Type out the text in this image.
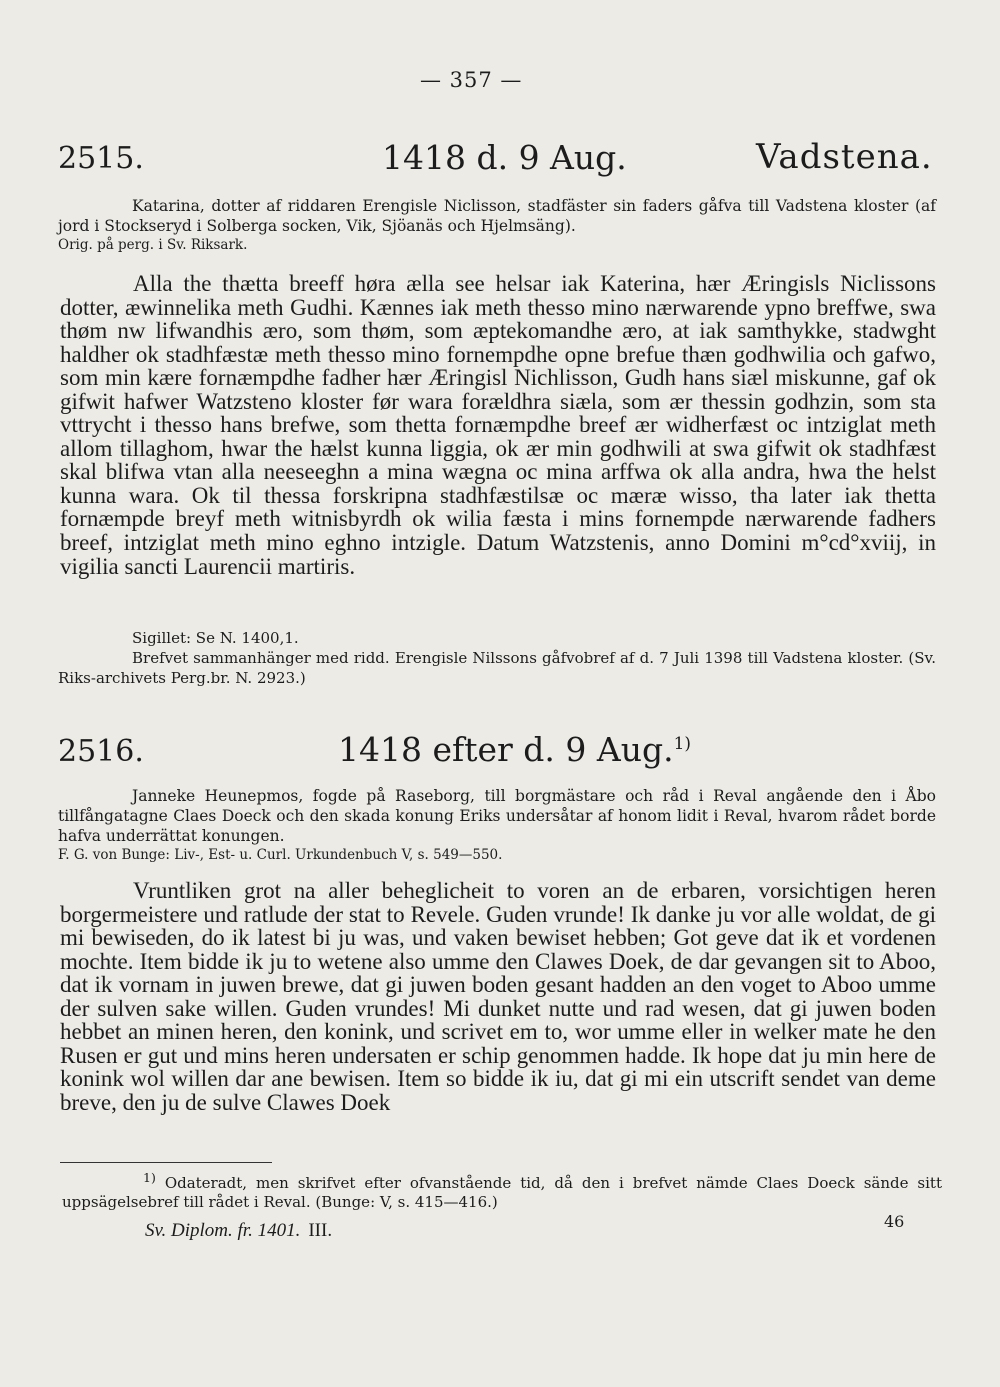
— 357 —
2515.	1418 d. 9 Aug.	Vadstena.
Katarina, dotter af riddaren Erengisle Niclisson, stadfäster sin faders gåfva till Vadstena kloster (af jord i Stockseryd i Solberga socken, Vik, Sjöanäs och Hjelmsäng).
Orig. på perg. i Sv. Riksark.
Alla the thætta breeff høra ælla see helsar iak Katerina, hær Æringisls Niclissons dotter, æwinnelika meth Gudhi. Kænnes iak meth thesso mino nærwarende ypno breffwe, swa thøm nw lifwandhis æro, som thøm, som æptekomandhe æro, at iak samthykke, stadwght haldher ok stadhfæstæ meth thesso mino fornempdhe opne brefue thæn godhwilia och gafwo, som min kære fornæmpdhe fadher hær Æringisl Nichlisson, Gudh hans siæl miskunne, gaf ok gifwit hafwer Watzsteno kloster før wara forældhra siæla, som ær thessin godhzin, som sta vttrycht i thesso hans brefwe, som thetta fornæmpdhe breef ær widherfæst oc intziglat meth allom tillaghom, hwar the hælst kunna liggia, ok ær min godhwili at swa gifwit ok stadhfæst skal blifwa vtan alla neeseeghn a mina wægna oc mina arffwa ok alla andra, hwa the helst kunna wara. Ok til thessa forskripna stadhfæstilsæ oc mæræ wisso, tha later iak thetta fornæmpde breyf meth witnisbyrdh ok wilia fæsta i mins fornempde nærwarende fadhers breef, intziglat meth mino eghno intzigle. Datum Watzstenis, anno Domini m°cd°xviij, in vigilia sancti Laurencii martiris.
Sigillet: Se N. 1400,1.
Brefvet sammanhänger med ridd. Erengisle Nilssons gåfvobref af d. 7 Juli 1398 till Vadstena kloster. (Sv. Riks-archivets Perg.br. N. 2923.)
2516.	1418 efter d. 9 Aug.$^{1)}$
Janneke Heunepmos, fogde på Raseborg, till borgmästare och råd i Reval angående den i Åbo tillfångatagne Claes Doeck och den skada konung Eriks undersåtar af honom lidit i Reval, hvarom rådet borde hafva underrättat konungen.
F. G. von Bunge: Liv-, Est- u. Curl. Urkundenbuch V, s. 549—550.
Vruntliken grot na aller beheglicheit to voren an de erbaren, vorsichtigen heren borgermeistere und ratlude der stat to Revele. Guden vrunde! Ik danke ju vor alle woldat, de gi mi bewiseden, do ik latest bi ju was, und vaken bewiset hebben; Got geve dat ik et vordenen mochte. Item bidde ik ju to wetene also umme den Clawes Doek, de dar gevangen sit to Aboo, dat ik vornam in juwen brewe, dat gi juwen boden gesant hadden an den voget to Aboo umme der sulven sake willen. Guden vrundes! Mi dunket nutte und rad wesen, dat gi juwen boden hebbet an minen heren, den konink, und scrivet em to, wor umme eller in welker mate he den Rusen er gut und mins heren undersaten er schip genommen hadde. Ik hope dat ju min here de konink wol willen dar ane bewisen. Item so bidde ik iu, dat gi mi ein utscrift sendet van deme breve, den ju de sulve Clawes Doek
$^{1)}$ Odateradt, men skrifvet efter ofvanstående tid, då den i brefvet nämde Claes Doeck sände sitt uppsägelsebref till rådet i Reval. (Bunge: V, s. 415—416.)
Sv. Diplom. fr. 1401. III.	46
